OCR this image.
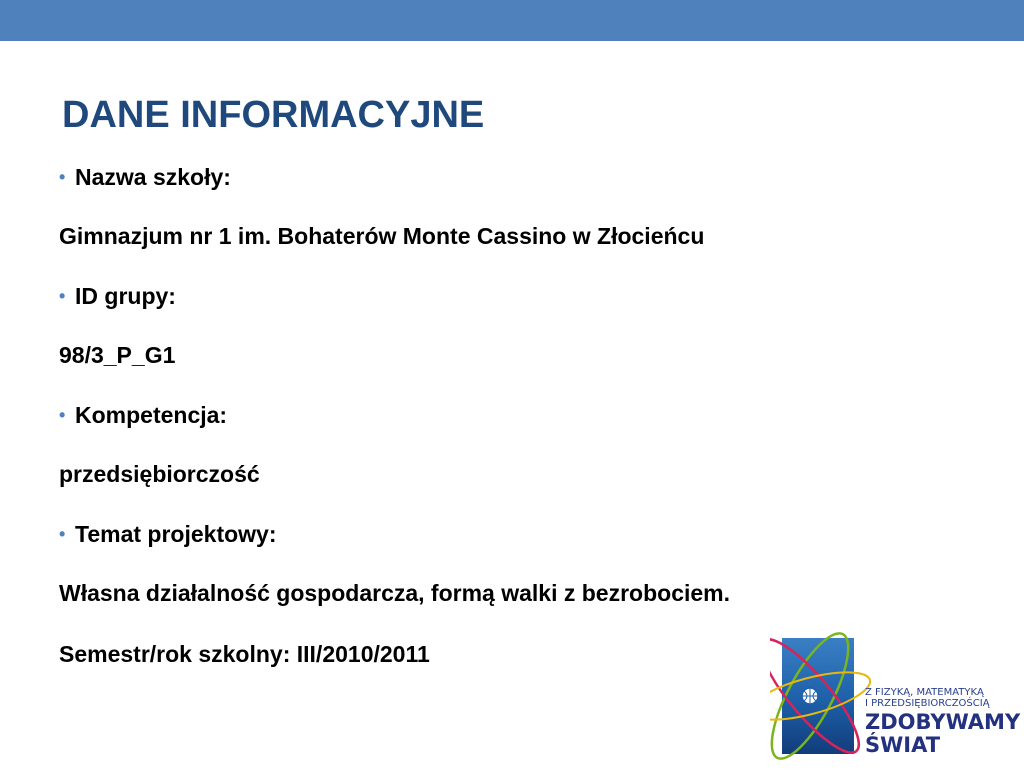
DANE INFORMACYJNE
• Nazwa szkoły:
Gimnazjum nr 1 im. Bohaterów Monte Cassino w Złocieńcu
• ID grupy:
98/3_P_G1
• Kompetencja:
przedsiębiorczość
• Temat projektowy:
Własna działalność gospodarcza, formą walki z bezrobociem.
Semestr/rok szkolny: III/2010/2011
Z FIZYKĄ, MATEMATYKĄ
I PRZEDSIĘBIORCZOŚCIĄ
ZDOBYWAMY
ŚWIAT
